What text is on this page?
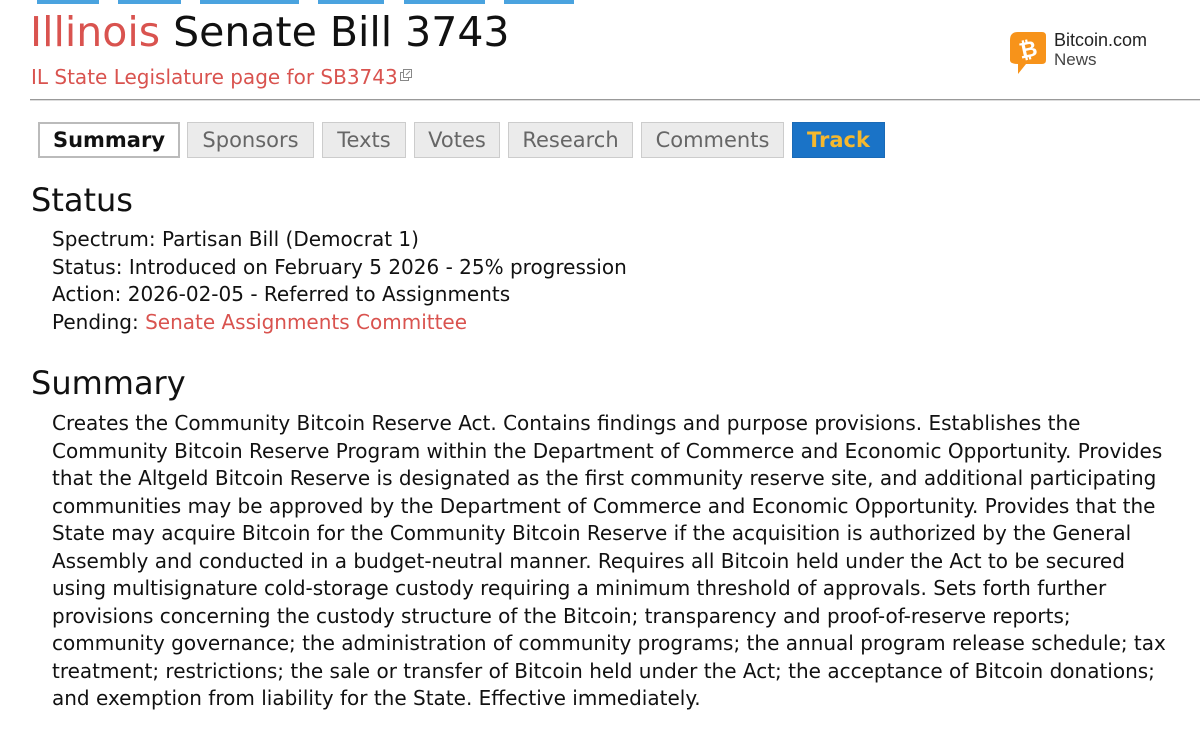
Illinois Senate Bill 3743
IL State Legislature page for SB3743
₿ Bitcoin.com
News
Summary	Sponsors	Texts	Votes	Research	Comments	Track
Status
Spectrum: Partisan Bill (Democrat 1)
Status: Introduced on February 5 2026 - 25% progression
Action: 2026-02-05 - Referred to Assignments
Pending: Senate Assignments Committee
Summary

Creates the Community Bitcoin Reserve Act. Contains findings and purpose provisions. Establishes the Community Bitcoin Reserve Program within the Department of Commerce and Economic Opportunity. Provides that the Altgeld Bitcoin Reserve is designated as the first community reserve site, and additional participating communities may be approved by the Department of Commerce and Economic Opportunity. Provides that the State may acquire Bitcoin for the Community Bitcoin Reserve if the acquisition is authorized by the General Assembly and conducted in a budget-neutral manner. Requires all Bitcoin held under the Act to be secured using multisignature cold-storage custody requiring a minimum threshold of approvals. Sets forth further provisions concerning the custody structure of the Bitcoin; transparency and proof-of-reserve reports; community governance; the administration of community programs; the annual program release schedule; tax treatment; restrictions; the sale or transfer of Bitcoin held under the Act; the acceptance of Bitcoin donations; and exemption from liability for the State. Effective immediately.
